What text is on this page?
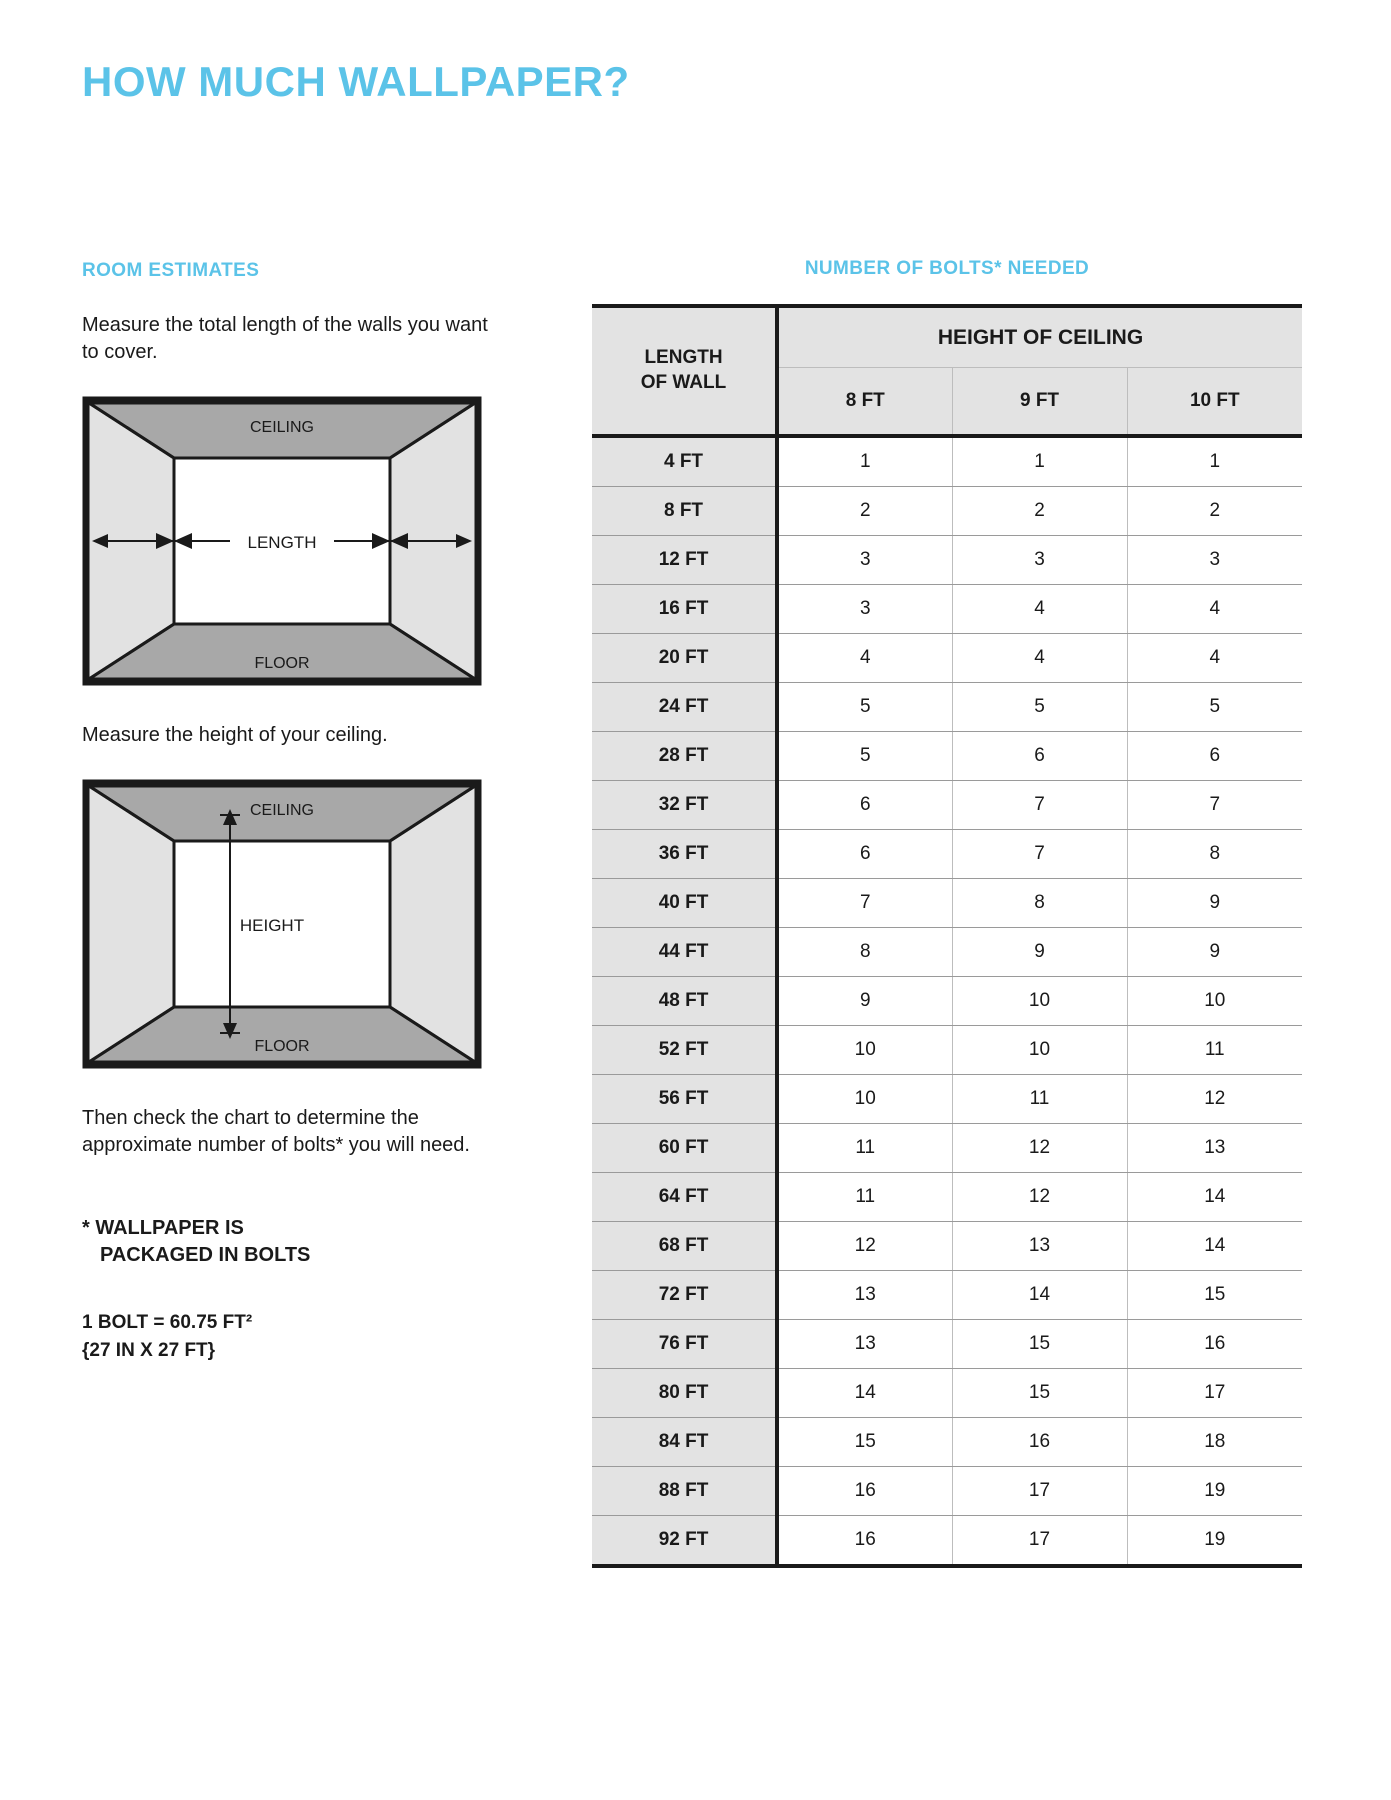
HOW MUCH WALLPAPER?
ROOM ESTIMATES

Measure the total length of the walls you want to cover.

LENGTH
CEILING
FLOOR

Measure the height of your ceiling.

HEIGHT
CEILING
FLOOR

Then check the chart to determine the approximate number of bolts* you will need.

* WALLPAPER IS
PACKAGED IN BOLTS
1 BOLT = 60.75 FT²
{27 IN X 27 FT}
NUMBER OF BOLTS* NEEDED
LENGTH
OF WALL	HEIGHT OF CEILING		
	8 FT	9 FT	10 FT
4 FT	1	1	1
8 FT	2	2	2
12 FT	3	3	3
16 FT	3	4	4
20 FT	4	4	4
24 FT	5	5	5
28 FT	5	6	6
32 FT	6	7	7
36 FT	6	7	8
40 FT	7	8	9
44 FT	8	9	9
48 FT	9	10	10
52 FT	10	10	11
56 FT	10	11	12
60 FT	11	12	13
64 FT	11	12	14
68 FT	12	13	14
72 FT	13	14	15
76 FT	13	15	16
80 FT	14	15	17
84 FT	15	16	18
88 FT	16	17	19
92 FT	16	17	19
